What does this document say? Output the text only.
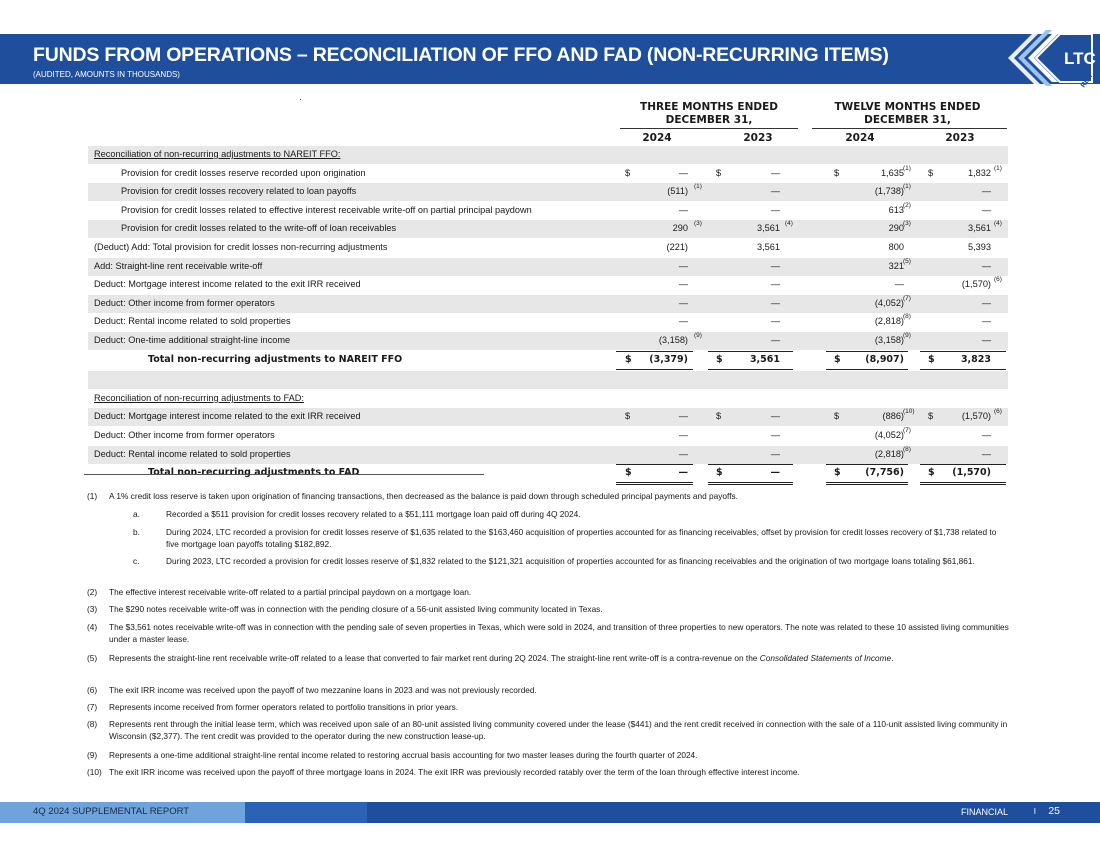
FUNDS FROM OPERATIONS – RECONCILIATION OF FFO AND FAD (NON-RECURRING ITEMS)
(AUDITED, AMOUNTS IN THOUSANDS)
LTC
REIT
THREE MONTHS ENDED
DECEMBER 31,
TWELVE MONTHS ENDED
DECEMBER 31,
2024	2023	2024	2023
Reconciliation of non-recurring adjustments to NAREIT FFO:
Provision for credit losses reserve recorded upon origination	$	—	$	—	$	1,635 (1) $	1,832 (1)
Provision for credit losses recovery related to loan payoffs	(511) (1)	—	(1,738) (1)	—
Provision for credit losses related to effective interest receivable write-off on partial principal paydown	—	—	613 (2)	—
Provision for credit losses related to the write-off of loan receivables	290 (3)	3,561 (4)	290 (3)	3,561 (4)
(Deduct) Add: Total provision for credit losses non-recurring adjustments	(221)	3,561	800	5,393
Add: Straight-line rent receivable write-off	—	—	321 (5)	—
Deduct: Mortgage interest income related to the exit IRR received	—	—	—	(1,570) (6)
Deduct: Other income from former operators	—	—	(4,052) (7)	—
Deduct: Rental income related to sold properties	—	—	(2,818) (8)	—
Deduct: One-time additional straight-line income	(3,158) (9)	—	(3,158) (9)	—
Total non-recurring adjustments to NAREIT FFO	$ (3,379)	$	3,561	$	(8,907)	$	3,823
Reconciliation of non-recurring adjustments to FAD:
Deduct: Mortgage interest income related to the exit IRR received	$	—	$	—	$	(886) (10) $	(1,570) (6)
Deduct: Other income from former operators	—	—	(4,052) (7)	—
Deduct: Rental income related to sold properties	—	—	(2,818) (8)	—
Total non-recurring adjustments to FAD	$	—	$	—	$	(7,756)	$ (1,570)
(1) A 1% credit loss reserve is taken upon origination of financing transactions, then decreased as the balance is paid down through scheduled principal payments and payoffs.
a.	Recorded a $511 provision for credit losses recovery related to a $51,111 mortgage loan paid off during 4Q 2024.
b.	During 2024, LTC recorded a provision for credit losses reserve of $1,635 related to the $163,460 acquisition of properties accounted for as financing receivables, offset by provision for credit losses recovery of $1,738 related to five mortgage loan payoffs totaling $182,892.
c.	During 2023, LTC recorded a provision for credit losses reserve of $1,832 related to the $121,321 acquisition of properties accounted for as financing receivables and the origination of two mortgage loans totaling $61,861.
(2) The effective interest receivable write-off related to a partial principal paydown on a mortgage loan.
(3) The $290 notes receivable write-off was in connection with the pending closure of a 56-unit assisted living community located in Texas.
(4) The $3,561 notes receivable write-off was in connection with the pending sale of seven properties in Texas, which were sold in 2024, and transition of three properties to new operators. The note was related to these 10 assisted living communities under a master lease.
(5) Represents the straight-line rent receivable write-off related to a lease that converted to fair market rent during 2Q 2024. The straight-line rent write-off is a contra-revenue on the Consolidated Statements of Income.
(6) The exit IRR income was received upon the payoff of two mezzanine loans in 2023 and was not previously recorded.
(7) Represents income received from former operators related to portfolio transitions in prior years.
(8) Represents rent through the initial lease term, which was received upon sale of an 80-unit assisted living community covered under the lease ($441) and the rent credit received in connection with the sale of a 110-unit assisted living community in Wisconsin ($2,377). The rent credit was provided to the operator during the new construction lease-up.
(9) Represents a one-time additional straight-line rental income related to restoring accrual basis accounting for two master leases during the fourth quarter of 2024.
(10) The exit IRR income was received upon the payoff of three mortgage loans in 2024. The exit IRR was previously recorded ratably over the term of the loan through effective interest income.
4Q 2024 SUPPLEMENTAL REPORT	FINANCIAL	I 25
